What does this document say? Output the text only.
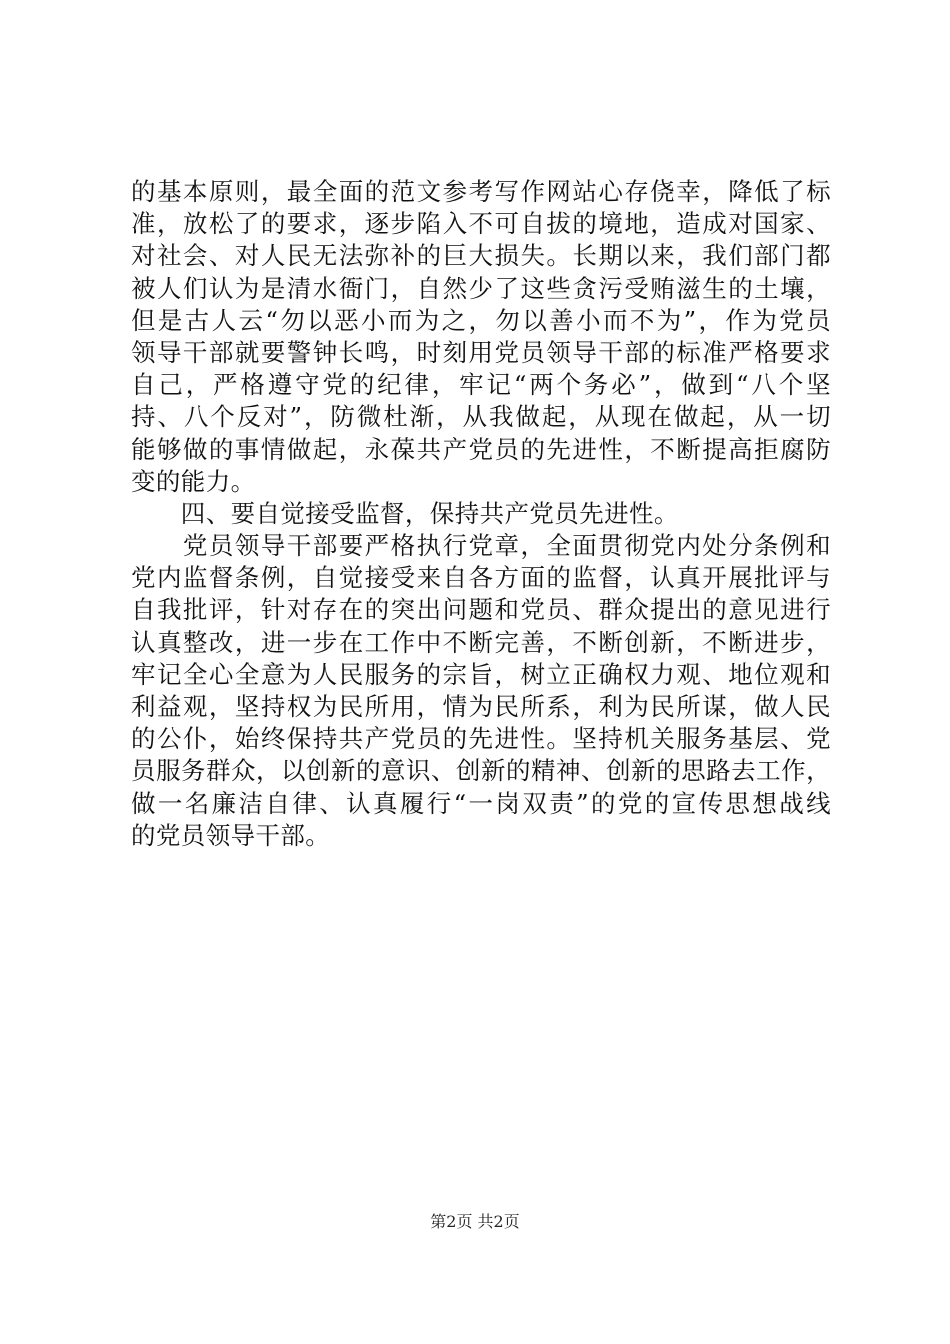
的基本原则，最全面的范文参考写作网站心存侥幸，降低了标
准，放松了的要求，逐步陷入不可自拔的境地，造成对国家、
对社会、对人民无法弥补的巨大损失。长期以来，我们部门都
被人们认为是清水衙门，自然少了这些贪污受贿滋生的土壤，
但是古人云“勿以恶小而为之，勿以善小而不为”，作为党员
领导干部就要警钟长鸣，时刻用党员领导干部的标准严格要求
自己，严格遵守党的纪律，牢记“两个务必”，做到“八个坚
持、八个反对”，防微杜渐，从我做起，从现在做起，从一切
能够做的事情做起，永葆共产党员的先进性，不断提高拒腐防
变的能力。
　　四、要自觉接受监督，保持共产党员先进性。
　　党员领导干部要严格执行党章，全面贯彻党内处分条例和
党内监督条例，自觉接受来自各方面的监督，认真开展批评与
自我批评，针对存在的突出问题和党员、群众提出的意见进行
认真整改，进一步在工作中不断完善，不断创新，不断进步，
牢记全心全意为人民服务的宗旨，树立正确权力观、地位观和
利益观，坚持权为民所用，情为民所系，利为民所谋，做人民
的公仆，始终保持共产党员的先进性。坚持机关服务基层、党
员服务群众，以创新的意识、创新的精神、创新的思路去工作，
做一名廉洁自律、认真履行“一岗双责”的党的宣传思想战线
的党员领导干部。
第2页 共2页
